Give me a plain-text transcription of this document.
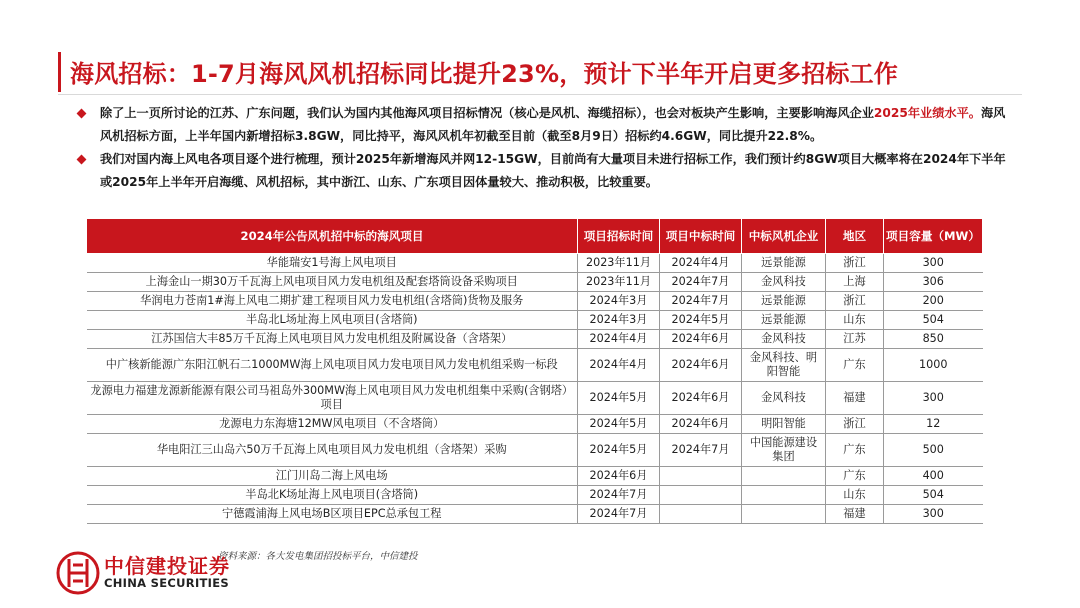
海风招标：1-7月海风风机招标同比提升23%，预计下半年开启更多招标工作
除了上一页所讨论的江苏、广东问题，我们认为国内其他海风项目招标情况（核心是风机、海缆招标），也会对板块产生影响，主要影响海风企业2025年业绩水平。海风风机招标方面，上半年国内新增招标3.8GW，同比持平，海风风机年初截至目前（截至8月9日）招标约4.6GW，同比提升22.8%。
我们对国内海上风电各项目逐个进行梳理，预计2025年新增海风并网12-15GW，目前尚有大量项目未进行招标工作，我们预计约8GW项目大概率将在2024年下半年或2025年上半年开启海缆、风机招标，其中浙江、山东、广东项目因体量较大、推动积极，比较重要。
2024年公告风机招中标的海风项目	项目招标时间	项目中标时间	中标风机企业	地区	项目容量（MW）
华能瑞安1号海上风电项目	2023年11月	2024年4月	远景能源	浙江	300
上海金山一期30万千瓦海上风电项目风力发电机组及配套塔筒设备采购项目	2023年11月	2024年7月	金风科技	上海	306
华润电力苍南1#海上风电二期扩建工程项目风力发电机组(含塔筒)货物及服务	2024年3月	2024年7月	远景能源	浙江	200
半岛北L场址海上风电项目(含塔筒)	2024年3月	2024年5月	远景能源	山东	504
江苏国信大丰85万千瓦海上风电项目风力发电机组及附属设备（含塔架）	2024年4月	2024年6月	金风科技	江苏	850
中广核新能源广东阳江帆石二1000MW海上风电项目风力发电项目风力发电机组采购一标段	2024年4月	2024年6月	金风科技、明阳智能	广东	1000
龙源电力福建龙源新能源有限公司马祖岛外300MW海上风电项目风力发电机组集中采购(含钢塔）项目	2024年5月	2024年6月	金风科技	福建	300
龙源电力东海塘12MW风电项目（不含塔筒）	2024年5月	2024年6月	明阳智能	浙江	12
华电阳江三山岛六50万千瓦海上风电项目风力发电机组（含塔架）采购	2024年5月	2024年7月	中国能源建设集团	广东	500
江门川岛二海上风电场	2024年6月			广东	400
半岛北K场址海上风电项目(含塔筒)	2024年7月			山东	504
宁德霞浦海上风电场B区项目EPC总承包工程	2024年7月			福建	300
资料来源：各大发电集团招投标平台，中信建投
中信建投证券
CHINA SECURITIES
